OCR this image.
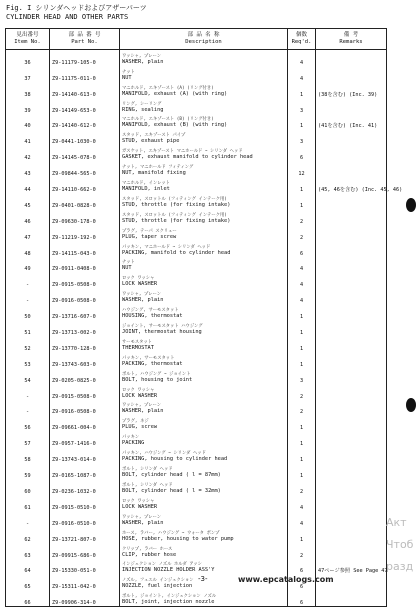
Fig. I シリンダヘッドおよびアザーパーツ
CYLINDER HEAD AND OTHER PARTS
見出番号
Item No.	部 品 番 号
Part No.	部 品 名 称
Description	個数
Req'd.	備 考
Remarks

36	Z9-11179-105-0	ワッシャ, プレーン
WASHER, plain	4	
37	Z9-11175-011-0	ナット
NUT	4	
38	Z9-14140-613-0	マニホルド, エキゾースト (A) (リング付き)
MANIFOLD, exhaust (A) (with ring)	1	(38を含む) (Inc. 39)
39	Z9-14149-653-0	リング, シーリング
RING, sealing	3	
40	Z9-14140-612-0	マニホルド, エキゾースト (B) (リング付き)
MANIFOLD, exhaust (B) (with ring)	1	(41を含む) (Inc. 41)
41	Z9-0441-1030-0	スタッド, エキゾースト パイプ
STUD, exhaust pipe	3	
42	Z9-14145-078-0	ガスケット, エキゾースト マニホールド ~ シリンダ ヘッド
GASKET, exhaust manifold to cylinder head	6	
43	Z9-09844-565-0	ナット, マニホールド フィティング
NUT, manifold fixing	12	
44	Z9-14110-662-0	マニホルド, インレット
MANIFOLD, inlet	1	(45, 46を含む) (Inc. 45, 46)
45	Z9-0401-0828-0	スタッド, スロットル (フィティング インテーク用)
STUD, throttle (for fixing intake)	1	
46	Z9-09630-178-0	スタッド, スロットル (フィティング インテーク用)
STUD, throttle (for fixing intake)	2	
47	Z9-11219-192-0	プラグ, テーパ スクリュー
PLUG, taper screw	2	
48	Z9-14115-043-0	パッキン, マニホールド ~ シリンダ ヘッド
PACKING, manifold to cylinder head	6	
49	Z9-0911-0408-0	ナット
NUT	4	
-	Z9-0915-0508-0	ロック ワッシャ
LOCK WASHER	4	
-	Z9-0916-0508-0	ワッシャ, プレーン
WASHER, plain	4	
50	Z9-13716-607-0	ハウジング, サーモスタット
HOUSING, thermostat	1	
51	Z9-13713-002-0	ジョイント, サーモスタット ハウジング
JOINT, thermostat housing	1	
52	Z9-13770-128-0	サーモスタット
THERMOSTAT	1	
53	Z9-13743-603-0	パッキン, サーモスタット
PACKING, thermostat	1	
54	Z9-0205-0825-0	ボルト, ハウジング ~ ジョイント
BOLT, housing to joint	3	
-	Z9-0915-0508-0	ロック ワッシャ
LOCK WASHER	2	
-	Z9-0916-0508-0	ワッシャ, プレーン
WASHER, plain	2	
56	Z9-09661-004-0	プラグ, ネジ
PLUG, screw	1	
57	Z9-0957-1416-0	パッキン
PACKING	1	
58	Z9-13743-014-0	パッキン, ハウジング ~ シリンダ ヘッド
PACKING, housing to cylinder head	1	
59	Z9-0165-1087-0	ボルト, シリンダ ヘッド
BOLT, cylinder head ( l = 87mm)	1	
60	Z9-0236-1032-0	ボルト, シリンダ ヘッド
BOLT, cylinder head ( l = 32mm)	2	
61	Z9-0915-0510-0	ロック ワッシャ
LOCK WASHER	4	
-	Z9-0916-0510-0	ワッシャ, プレーン
WASHER, plain	4	
62	Z9-13721-807-0	ホース, ラバー, ハウジング ~ ウォータ ポンプ
HOSE, rubber, housing to water pump	1	
63	Z9-09915-686-0	クリップ, ラバー ホース
CLIP, rubber hose	2	
64	Z9-15330-051-0	インジェクション ノズル ホルダ アッシ
INJECTION NOZZLE HOLDER ASS'Y	6	47ページ参照 See Page 47
65	Z9-15311-042-0	ノズル, フュエル インジェクション
NOZZLE, fuel injection	6	
66	Z9-09906-314-0	ボルト, ジョイント, インジェクション ノズル
BOLT, joint, injection nozzle	6	
-3-	www.epcatalogs.com
Акт Чтоб разд
